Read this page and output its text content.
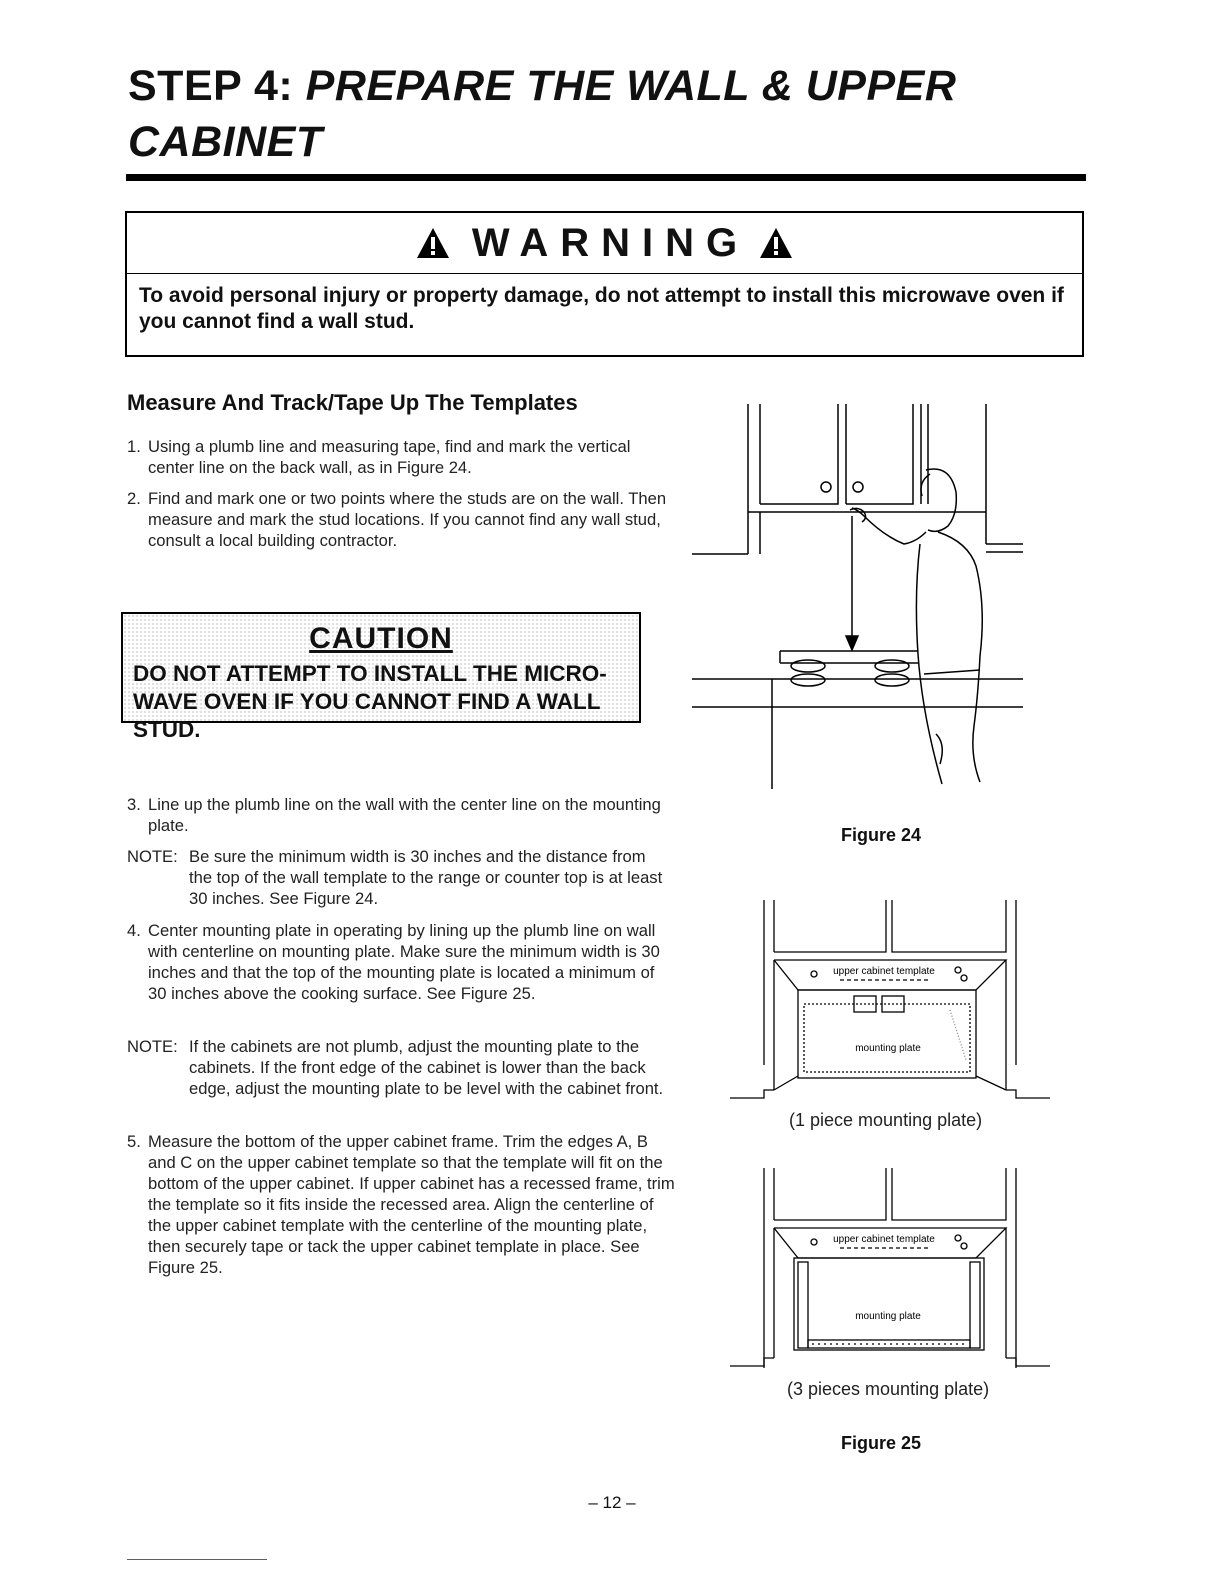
STEP 4: PREPARE THE WALL & UPPER
CABINET
WARNING
To avoid personal injury or property damage, do not attempt to install this microwave oven if you cannot find a wall stud.
Measure And Track/Tape Up The Templates
1. Using a plumb line and measuring tape, find and mark the vertical center line on the back wall, as in Figure 24.
2. Find and mark one or two points where the studs are on the wall. Then measure and mark the stud locations. If you cannot find any wall stud, consult a local building contractor.
CAUTION
DO NOT ATTEMPT TO INSTALL THE MICRO-WAVE OVEN IF YOU CANNOT FIND A WALL STUD.
3. Line up the plumb line on the wall with the center line on the mounting plate.
NOTE: Be sure the minimum width is 30 inches and the distance from the top of the wall template to the range or counter top is at least 30 inches. See Figure 24.
4. Center mounting plate in operating by lining up the plumb line on wall with centerline on mounting plate. Make sure the minimum width is 30 inches and that the top of the mounting plate is located a minimum of 30 inches above the cooking surface. See Figure 25.
NOTE: If the cabinets are not plumb, adjust the mounting plate to the cabinets. If the front edge of the cabinet is lower than the back edge, adjust the mounting plate to be level with the cabinet front.
5. Measure the bottom of the upper cabinet frame. Trim the edges A, B and C on the upper cabinet template so that the template will fit on the bottom of the upper cabinet. If upper cabinet has a recessed frame, trim the template so it fits inside the recessed area. Align the centerline of the upper cabinet template with the centerline of the mounting plate, then securely tape or tack the upper cabinet template in place. See Figure 25.
Figure 24
upper cabinet template
mounting plate
(1 piece mounting plate)
upper cabinet template
mounting plate
(3 pieces mounting plate)
Figure 25
– 12 –
